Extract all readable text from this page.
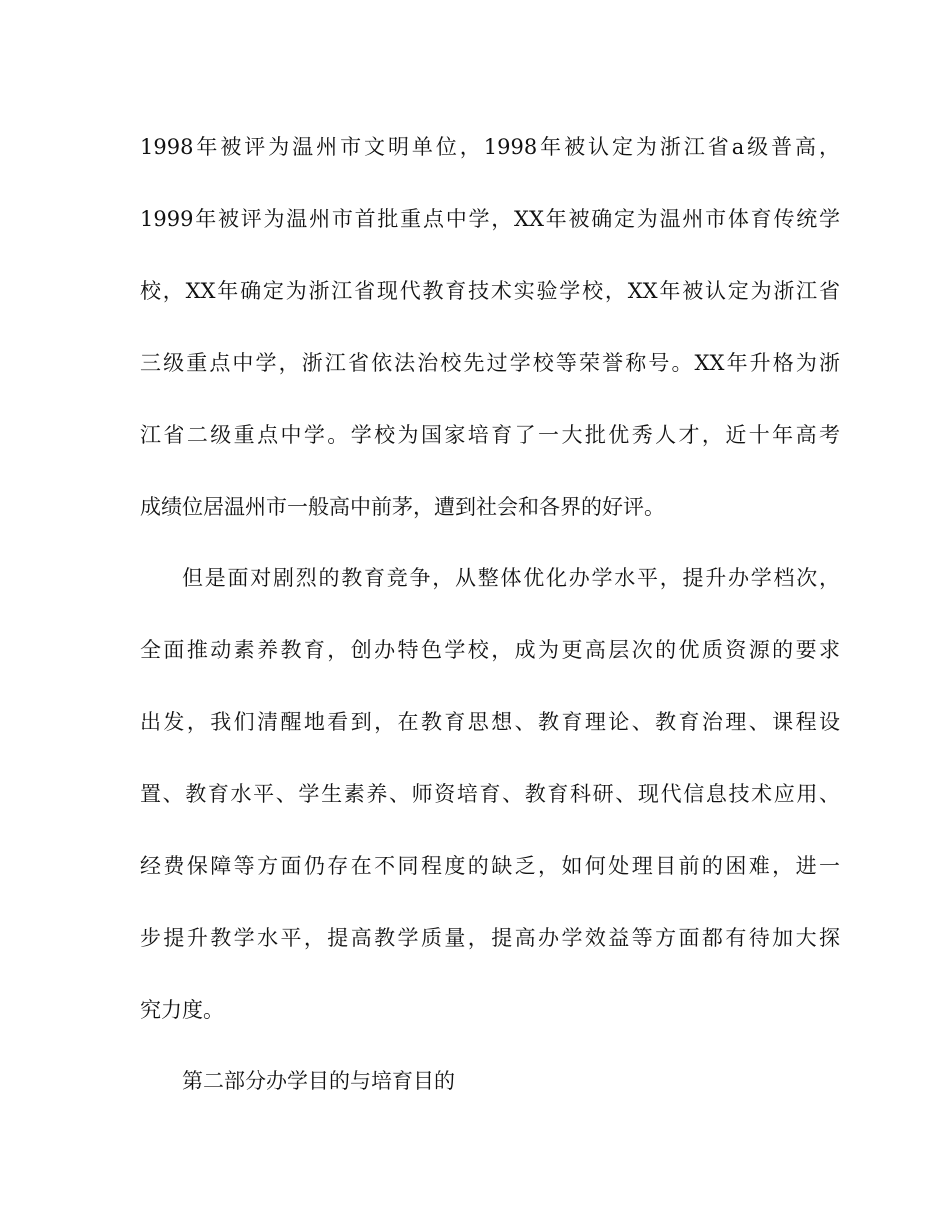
1998年被评为温州市文明单位，1998年被认定为浙江省a级普高，
1999年被评为温州市首批重点中学，XX年被确定为温州市体育传统学
校，XX年确定为浙江省现代教育技术实验学校，XX年被认定为浙江省
三级重点中学，浙江省依法治校先过学校等荣誉称号。XX年升格为浙
江省二级重点中学。学校为国家培育了一大批优秀人才，近十年高考
成绩位居温州市一般高中前茅，遭到社会和各界的好评。
但是面对剧烈的教育竞争，从整体优化办学水平，提升办学档次，
全面推动素养教育，创办特色学校，成为更高层次的优质资源的要求
出发，我们清醒地看到，在教育思想、教育理论、教育治理、课程设
置、教育水平、学生素养、师资培育、教育科研、现代信息技术应用、
经费保障等方面仍存在不同程度的缺乏，如何处理目前的困难，进一
步提升教学水平，提高教学质量，提高办学效益等方面都有待加大探
究力度。
第二部分办学目的与培育目的
